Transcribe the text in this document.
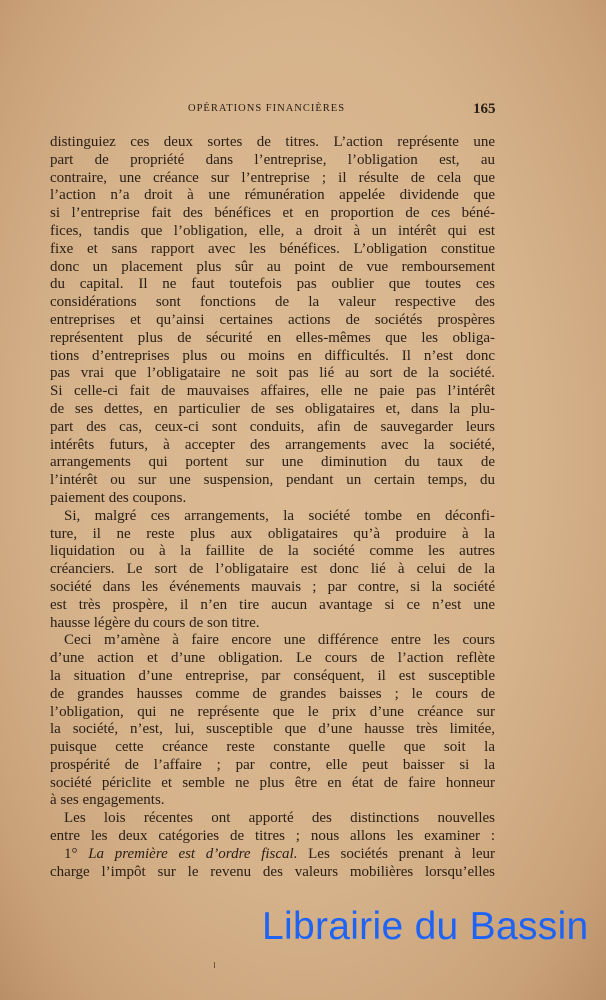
OPÉRATIONS FINANCIÈRES	165
distinguiez ces deux sortes de titres. L’action représente une
part de propriété dans l’entreprise, l’obligation est, au
contraire, une créance sur l’entreprise ; il résulte de cela que
l’action n’a droit à une rémunération appelée dividende que
si l’entreprise fait des bénéfices et en proportion de ces béné-
fices, tandis que l’obligation, elle, a droit à un intérêt qui est
fixe et sans rapport avec les bénéfices. L’obligation constitue
donc un placement plus sûr au point de vue remboursement
du capital. Il ne faut toutefois pas oublier que toutes ces
considérations sont fonctions de la valeur respective des
entreprises et qu’ainsi certaines actions de sociétés prospères
représentent plus de sécurité en elles-mêmes que les obliga-
tions d’entreprises plus ou moins en difficultés. Il n’est donc
pas vrai que l’obligataire ne soit pas lié au sort de la société.
Si celle-ci fait de mauvaises affaires, elle ne paie pas l’intérêt
de ses dettes, en particulier de ses obligataires et, dans la plu-
part des cas, ceux-ci sont conduits, afin de sauvegarder leurs
intérêts futurs, à accepter des arrangements avec la société,
arrangements qui portent sur une diminution du taux de
l’intérêt ou sur une suspension, pendant un certain temps, du
paiement des coupons.
Si, malgré ces arrangements, la société tombe en déconfi-
ture, il ne reste plus aux obligataires qu’à produire à la
liquidation ou à la faillite de la société comme les autres
créanciers. Le sort de l’obligataire est donc lié à celui de la
société dans les événements mauvais ; par contre, si la société
est très prospère, il n’en tire aucun avantage si ce n’est une
hausse légère du cours de son titre.
Ceci m’amène à faire encore une différence entre les cours
d’une action et d’une obligation. Le cours de l’action reflète
la situation d’une entreprise, par conséquent, il est susceptible
de grandes hausses comme de grandes baisses ; le cours de
l’obligation, qui ne représente que le prix d’une créance sur
la société, n’est, lui, susceptible que d’une hausse très limitée,
puisque cette créance reste constante quelle que soit la
prospérité de l’affaire ; par contre, elle peut baisser si la
société périclite et semble ne plus être en état de faire honneur
à ses engagements.
Les lois récentes ont apporté des distinctions nouvelles
entre les deux catégories de titres ; nous allons les examiner :
1° La première est d’ordre fiscal. Les sociétés prenant à leur
charge l’impôt sur le revenu des valeurs mobilières lorsqu’elles
Librairie du Bassin
